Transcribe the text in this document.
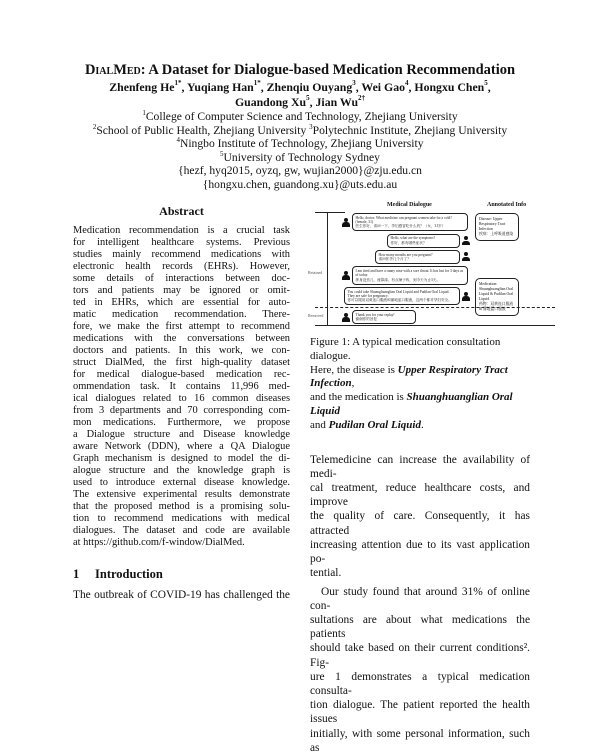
DialMed: A Dataset for Dialogue-based Medication Recommendation
Zhenfeng $He^{1*}$, Yuqiang Han$^{1*}$, Zhenqiu Ouyang$^3$, Wei Gao$^4$, Hongxu Chen$^5$,
Guandong Xu$^5$, Jian $Wu^{2\dagger}$
$^1$College of Computer Science and Technology, Zhejiang University
$^2$School of Public Health, Zhejiang University $^3$Polytechnic Institute, Zhejiang University
$^4$Ningbo Institute of Technology, Zhejiang University
$^5$University of Technology Sydney
{hezf, hyq2015, oyzq, gw, wujian2000}@zju.edu.cn
{hongxu.chen, guandong.xu}@uts.edu.au
Abstract
Medication recommendation is a crucial task
for intelligent healthcare systems. Previous
studies mainly recommend medications with
electronic health records (EHRs). However,
some details of interactions between doc-
tors and patients may be ignored or omit-
ted in EHRs, which are essential for auto-
matic medication recommendation. There-
fore, we make the first attempt to recommend
medications with the conversations between
doctors and patients. In this work, we con-
struct DialMed, the first high-quality dataset
for medical dialogue-based medication rec-
ommendation task. It contains 11,996 med-
ical dialogues related to 16 common diseases
from 3 departments and 70 corresponding com-
mon medications. Furthermore, we propose
a Dialogue structure and Disease knowledge
aware Network (DDN), where a QA Dialogue
Graph mechanism is designed to model the di-
alogue structure and the knowledge graph is
used to introduce external disease knowledge.
The extensive experimental results demonstrate
that the proposed method is a promising solu-
tion to recommend medications with medical
dialogues. The dataset and code are available
at https://github.com/f-window/DialMed.
1 Introduction
The outbreak of COVID-19 has challenged the
Medical Dialogue	Annotated Info
Disease: Upper Respiratory Tract Infection
疾病：上呼吸道感染
Medication: Shuanghuanglian Oral Liquid & Pudilan Oral Liquid
药物：双黄连口服液 & 蒲地蓝口服液
Retained
Hello, doctor. What medicine can pregnant women take for a cold? (female, 31)
医生你好，请问一下，孕妇感冒吃什么药？（女，31岁）
Hello, what are the symptoms?
你好，都有哪些症状？
How many months are you pregnant?
请问怀孕几个月了？
I am tired and have a runny nose with a sore throat. It has last for 3 days as of today.
浑身没劲儿，流鼻涕，有点嗓子疼，到今天为止3天。
You could take Shuanghuanglian Oral Liquid and Pudilan Oral Liquid. They are safe for pregnancy.
你可以服用双黄连口服液和蒲地蓝口服液，这两个都对孕妇安全。
Removed	Thank you for your replay!
谢谢你的回复
Figure 1: A typical medication consultation dialogue.
Here, the disease is Upper Respiratory Tract Infection,
and the medication is Shuanghuanglian Oral Liquid
and Pudilan Oral Liquid.
Telemedicine can increase the availability of medi-
cal treatment, reduce healthcare costs, and improve
the quality of care. Consequently, it has attracted
increasing attention due to its vast application po-
tential.
Our study found that around 31% of online con-
sultations are about what medications the patients
should take based on their current conditions². Fig-
ure 1 demonstrates a typical medication consulta-
tion dialogue. The patient reported the health issues
initially, with some personal information, such as
